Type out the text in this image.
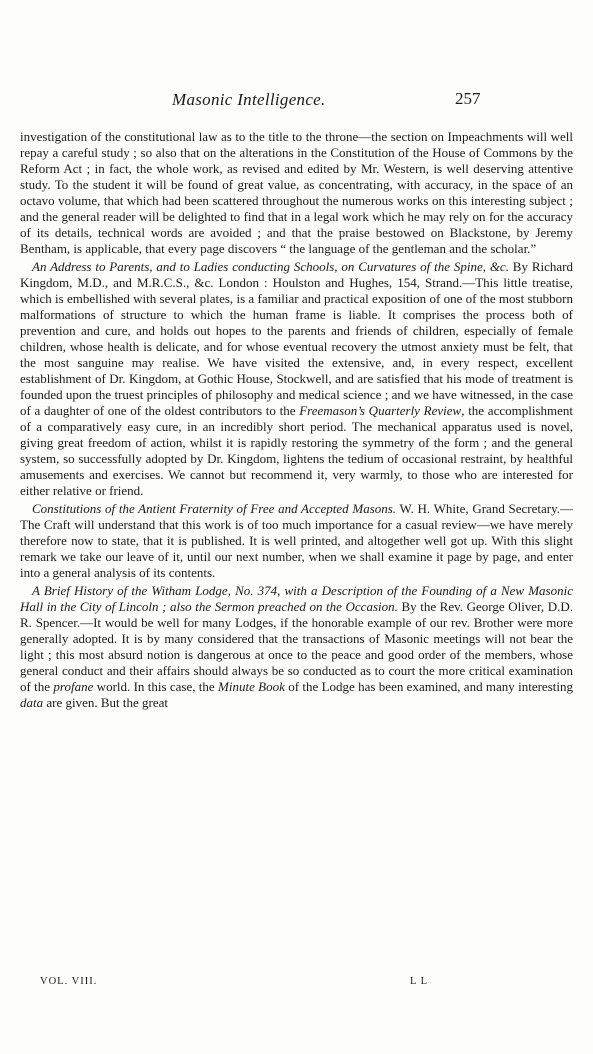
Masonic Intelligence.	257

investigation of the constitutional law as to the title to the throne—the section on Impeachments will well repay a careful study ; so also that on the alterations in the Constitution of the House of Commons by the Reform Act ; in fact, the whole work, as revised and edited by Mr. Western, is well deserving attentive study. To the student it will be found of great value, as concentrating, with accuracy, in the space of an octavo volume, that which had been scattered throughout the numerous works on this interesting subject ; and the general reader will be delighted to find that in a legal work which he may rely on for the accuracy of its details, technical words are avoided ; and that the praise bestowed on Blackstone, by Jeremy Bentham, is applicable, that every page discovers “ the language of the gentleman and the scholar.”

An Address to Parents, and to Ladies conducting Schools, on Curvatures of the Spine, &c. By Richard Kingdom, M.D., and M.R.C.S., &c. London : Houlston and Hughes, 154, Strand.—This little treatise, which is embellished with several plates, is a familiar and practical exposition of one of the most stubborn malformations of structure to which the human frame is liable. It comprises the process both of prevention and cure, and holds out hopes to the parents and friends of children, especially of female children, whose health is delicate, and for whose eventual recovery the utmost anxiety must be felt, that the most sanguine may realise. We have visited the extensive, and, in every respect, excellent establishment of Dr. Kingdom, at Gothic House, Stockwell, and are satisfied that his mode of treatment is founded upon the truest principles of philosophy and medical science ; and we have witnessed, in the case of a daughter of one of the oldest contributors to the Freemason’s Quarterly Review, the accomplishment of a comparatively easy cure, in an incredibly short period. The mechanical apparatus used is novel, giving great freedom of action, whilst it is rapidly restoring the symmetry of the form ; and the general system, so successfully adopted by Dr. Kingdom, lightens the tedium of occasional restraint, by healthful amusements and exercises. We cannot but recommend it, very warmly, to those who are interested for either relative or friend.

Constitutions of the Antient Fraternity of Free and Accepted Masons. W. H. White, Grand Secretary.—The Craft will understand that this work is of too much importance for a casual review—we have merely therefore now to state, that it is published. It is well printed, and altogether well got up. With this slight remark we take our leave of it, until our next number, when we shall examine it page by page, and enter into a general analysis of its contents.

A Brief History of the Witham Lodge, No. 374, with a Description of the Founding of a New Masonic Hall in the City of Lincoln ; also the Sermon preached on the Occasion. By the Rev. George Oliver, D.D. R. Spencer.—It would be well for many Lodges, if the honorable example of our rev. Brother were more generally adopted. It is by many considered that the transactions of Masonic meetings will not bear the light ; this most absurd notion is dangerous at once to the peace and good order of the members, whose general conduct and their affairs should always be so conducted as to court the more critical examination of the profane world. In this case, the Minute Book of the Lodge has been examined, and many interesting data are given. But the great

VOL. VIII.	L L
